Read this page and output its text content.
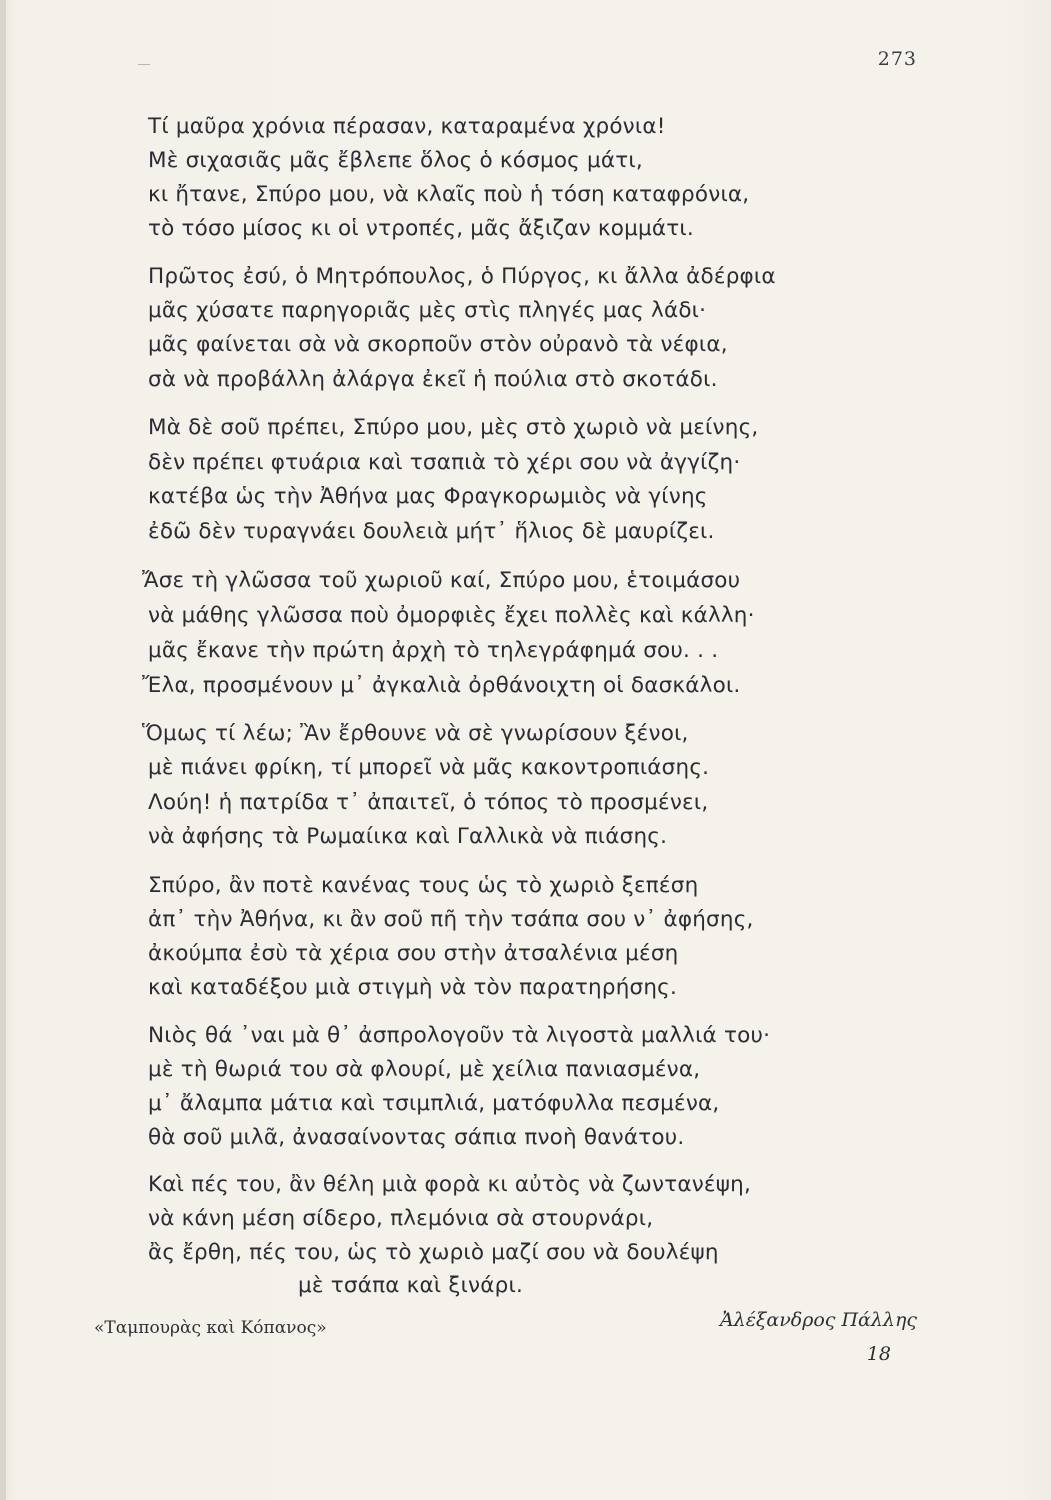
273
Τί μαῦρα χρόνια πέρασαν, καταραμένα χρόνια!
Μὲ σιχασιᾶς μᾶς ἔβλεπε ὅλος ὁ κόσμος μάτι,
κι ἤτανε, Σπύρο μου, νὰ κλαῖς ποὺ ἡ τόση καταφρόνια,
τὸ τόσο μίσος κι οἱ ντροπές, μᾶς ἄξιζαν κομμάτι.
Πρῶτος ἐσύ, ὁ Μητρόπουλος, ὁ Πύργος, κι ἄλλα ἀδέρφια
μᾶς χύσατε παρηγοριᾶς μὲς στὶς πληγές μας λάδι·
μᾶς φαίνεται σὰ νὰ σκορποῦν στὸν οὐρανὸ τὰ νέφια,
σὰ νὰ προβάλλη ἀλάργα ἐκεῖ ἡ πούλια στὸ σκοτάδι.
Μὰ δὲ σοῦ πρέπει, Σπύρο μου, μὲς στὸ χωριὸ νὰ μείνης,
δὲν πρέπει φτυάρια καὶ τσαπιὰ τὸ χέρι σου νὰ ἀγγίζη·
κατέβα ὡς τὴν Ἀθήνα μας Φραγκορωμιὸς νὰ γίνης
ἐδῶ δὲν τυραγνάει δουλειὰ μήτ᾽ ἥλιος δὲ μαυρίζει.
Ἄσε τὴ γλῶσσα τοῦ χωριοῦ καί, Σπύρο μου, ἑτοιμάσου
νὰ μάθης γλῶσσα ποὺ ὀμορφιὲς ἔχει πολλὲς καὶ κάλλη·
μᾶς ἔκανε τὴν πρώτη ἀρχὴ τὸ τηλεγράφημά σου. . .
Ἔλα, προσμένουν μ᾽ ἀγκαλιὰ ὀρθάνοιχτη οἱ δασκάλοι.
Ὅμως τί λέω; Ἂν ἔρθουνε νὰ σὲ γνωρίσουν ξένοι,
μὲ πιάνει φρίκη, τί μπορεῖ νὰ μᾶς κακοντροπιάσης.
Λούη! ἡ πατρίδα τ᾽ ἀπαιτεῖ, ὁ τόπος τὸ προσμένει,
νὰ ἀφήσης τὰ Ρωμαίικα καὶ Γαλλικὰ νὰ πιάσης.
Σπύρο, ἂν ποτὲ κανένας τους ὡς τὸ χωριὸ ξεπέση
ἀπ᾽ τὴν Ἀθήνα, κι ἂν σοῦ πῆ τὴν τσάπα σου ν᾽ ἀφήσης,
ἀκούμπα ἐσὺ τὰ χέρια σου στὴν ἀτσαλένια μέση
καὶ καταδέξου μιὰ στιγμὴ νὰ τὸν παρατηρήσης.
Νιὸς θά ᾽ναι μὰ θ᾽ ἀσπρολογοῦν τὰ λιγοστὰ μαλλιά του·
μὲ τὴ θωριά του σὰ φλουρί, μὲ χείλια πανιασμένα,
μ᾽ ἄλαμπα μάτια καὶ τσιμπλιά, ματόφυλλα πεσμένα,
θὰ σοῦ μιλᾶ, ἀνασαίνοντας σάπια πνοὴ θανάτου.
Καὶ πές του, ἂν θέλη μιὰ φορὰ κι αὐτὸς νὰ ζωντανέψη,
νὰ κάνη μέση σίδερο, πλεμόνια σὰ στουρνάρι,
ἂς ἔρθη, πές του, ὡς τὸ χωριὸ μαζί σου νὰ δουλέψη
μὲ τσάπα καὶ ξινάρι.
«Ταμπουρὰς καὶ Κόπανος»	Ἀλέξανδρος Πάλλης
18
